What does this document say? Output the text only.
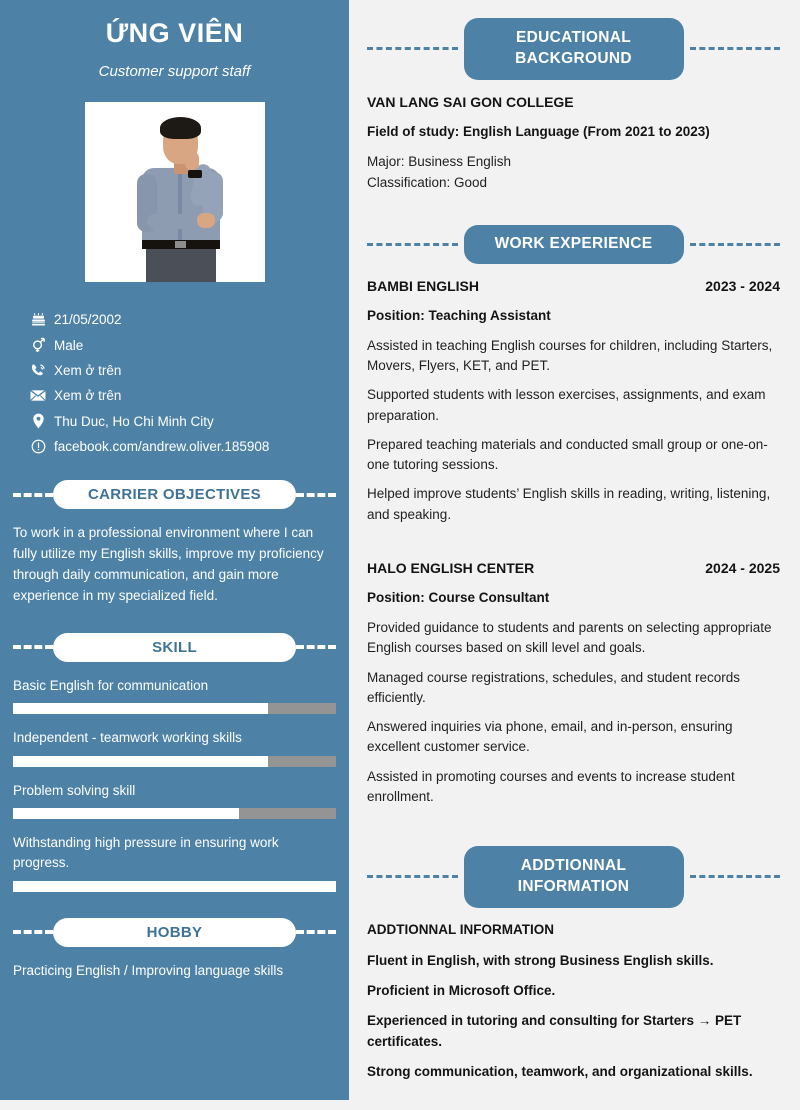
ỨNG VIÊN
Customer support staff
21/05/2002
Male
Xem ở trên
Xem ở trên
Thu Duc, Ho Chi Minh City
facebook.com/andrew.oliver.185908
CARRIER OBJECTIVES
To work in a professional environment where I can fully utilize my English skills, improve my proficiency through daily communication, and gain more experience in my specialized field.
SKILL
Basic English for communication
Independent - teamwork working skills
Problem solving skill
Withstanding high pressure in ensuring work progress.
HOBBY
Practicing English / Improving language skills
EDUCATIONAL BACKGROUND
VAN LANG SAI GON COLLEGE
Field of study: English Language (From 2021 to 2023)
Major: Business English
Classification: Good
WORK EXPERIENCE
BAMBI ENGLISH	2023 - 2024
Position: Teaching Assistant
Assisted in teaching English courses for children, including Starters, Movers, Flyers, KET, and PET.
Supported students with lesson exercises, assignments, and exam preparation.
Prepared teaching materials and conducted small group or one-on-one tutoring sessions.
Helped improve students’ English skills in reading, writing, listening, and speaking.
HALO ENGLISH CENTER	2024 - 2025
Position: Course Consultant
Provided guidance to students and parents on selecting appropriate English courses based on skill level and goals.
Managed course registrations, schedules, and student records efficiently.
Answered inquiries via phone, email, and in-person, ensuring excellent customer service.
Assisted in promoting courses and events to increase student enrollment.
ADDTIONNAL INFORMATION
ADDTIONNAL INFORMATION
Fluent in English, with strong Business English skills.
Proficient in Microsoft Office.
Experienced in tutoring and consulting for Starters → PET certificates.
Strong communication, teamwork, and organizational skills.
